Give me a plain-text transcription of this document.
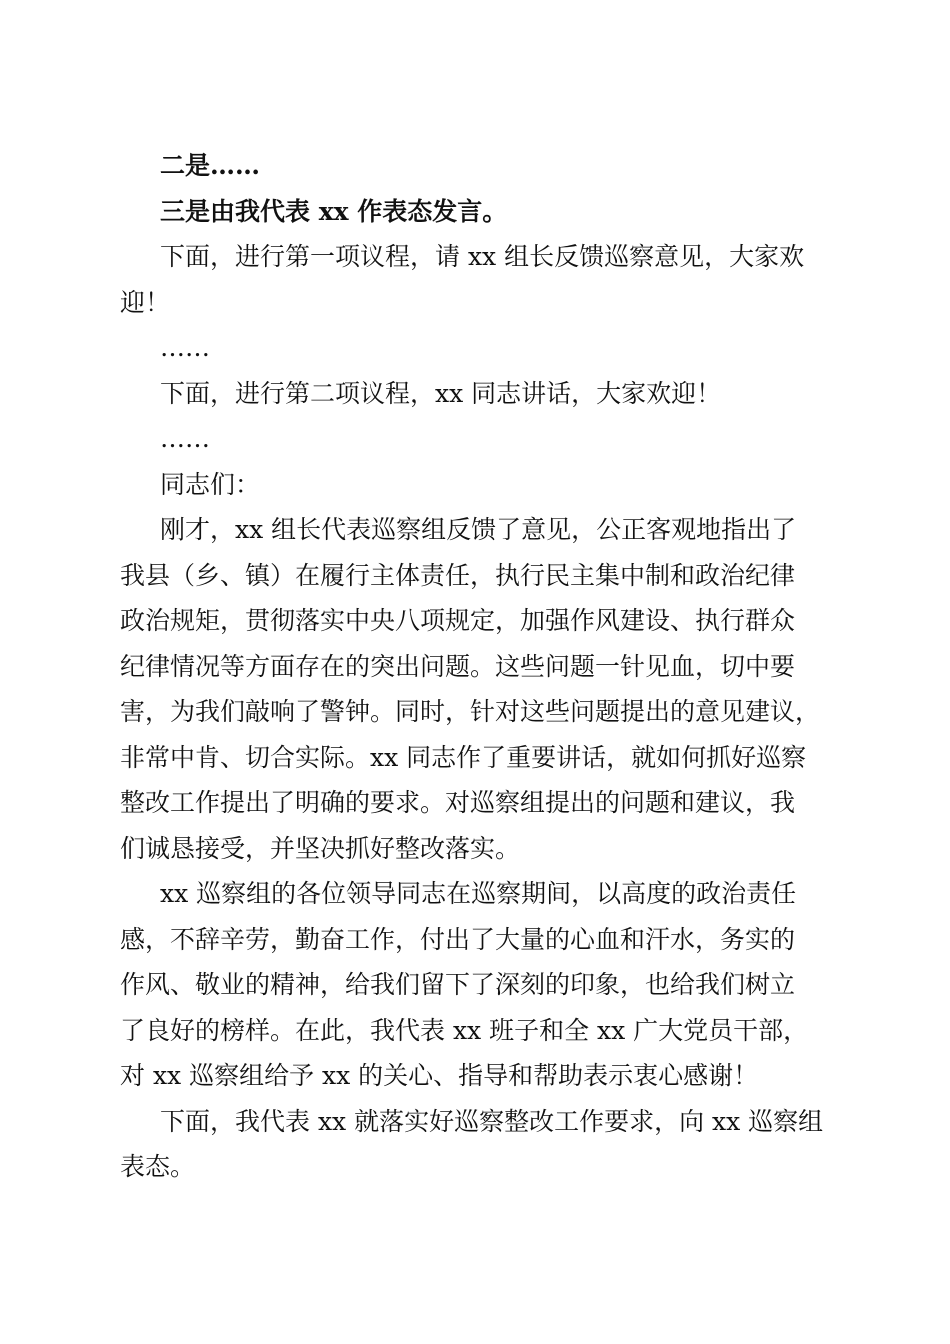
二是……
三是由我代表 xx 作表态发言。
下面，进行第一项议程，请 xx 组长反馈巡察意见，大家欢
迎！
……
下面，进行第二项议程，xx 同志讲话，大家欢迎！
……
同志们：
刚才，xx 组长代表巡察组反馈了意见，公正客观地指出了
我县（乡、镇）在履行主体责任，执行民主集中制和政治纪律
政治规矩，贯彻落实中央八项规定，加强作风建设、执行群众
纪律情况等方面存在的突出问题。这些问题一针见血，切中要
害，为我们敲响了警钟。同时，针对这些问题提出的意见建议，
非常中肯、切合实际。xx 同志作了重要讲话，就如何抓好巡察
整改工作提出了明确的要求。对巡察组提出的问题和建议，我
们诚恳接受，并坚决抓好整改落实。
xx 巡察组的各位领导同志在巡察期间，以高度的政治责任
感，不辞辛劳，勤奋工作，付出了大量的心血和汗水，务实的
作风、敬业的精神，给我们留下了深刻的印象，也给我们树立
了良好的榜样。在此，我代表 xx 班子和全 xx 广大党员干部，
对 xx 巡察组给予 xx 的关心、指导和帮助表示衷心感谢！
下面，我代表 xx 就落实好巡察整改工作要求，向 xx 巡察组
表态。
